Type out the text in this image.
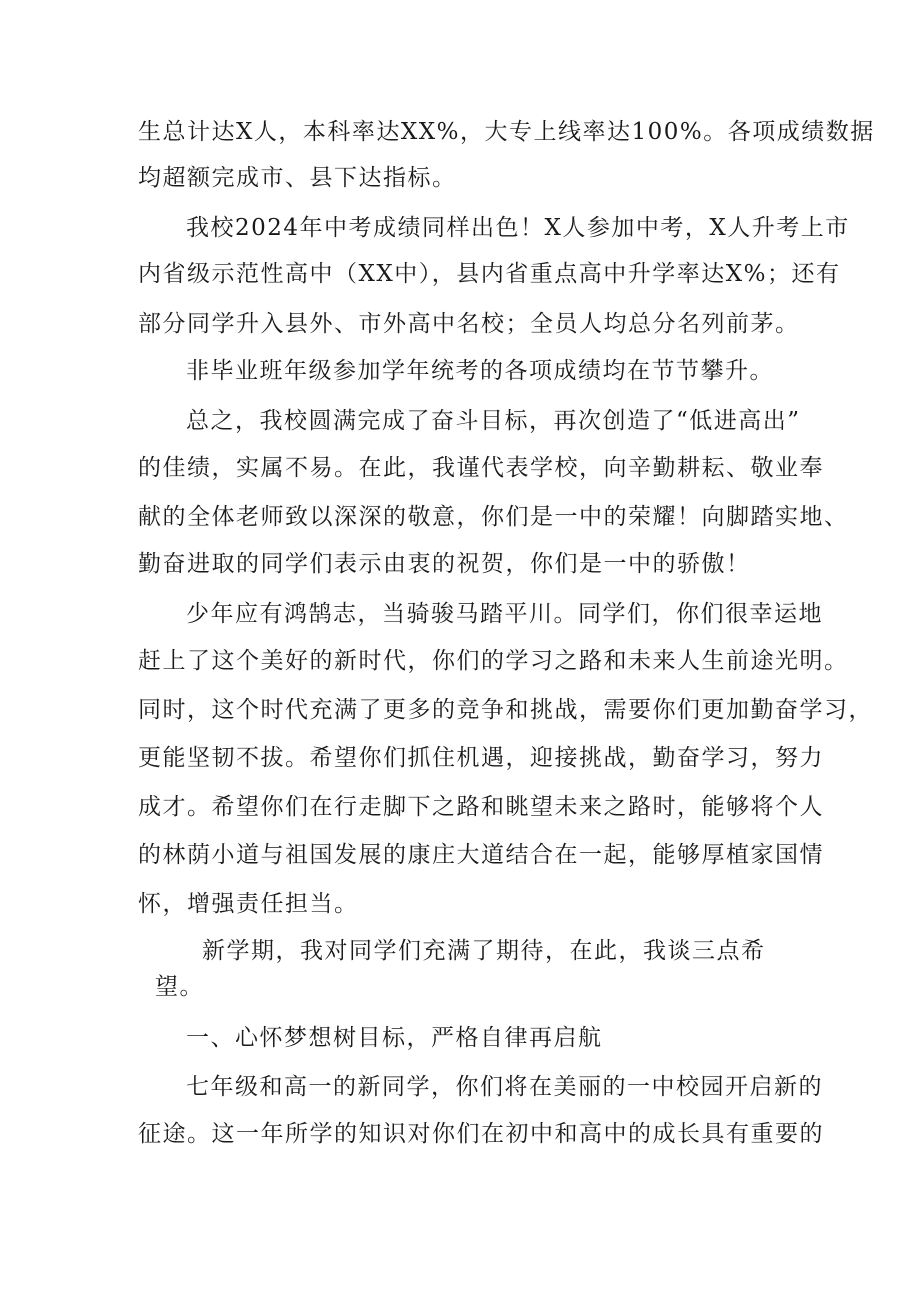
生总计达X人，本科率达XX%，大专上线率达100%。各项成绩数据
均超额完成市、县下达指标。
我校2024年中考成绩同样出色！X人参加中考，X人升考上市
内省级示范性高中（XX中），县内省重点高中升学率达X%；还有
部分同学升入县外、市外高中名校；全员人均总分名列前茅。
非毕业班年级参加学年统考的各项成绩均在节节攀升。
总之，我校圆满完成了奋斗目标，再次创造了“低进高出”
的佳绩，实属不易。在此，我谨代表学校，向辛勤耕耘、敬业奉
献的全体老师致以深深的敬意，你们是一中的荣耀！向脚踏实地、
勤奋进取的同学们表示由衷的祝贺，你们是一中的骄傲！
少年应有鸿鹄志，当骑骏马踏平川。同学们，你们很幸运地
赶上了这个美好的新时代，你们的学习之路和未来人生前途光明。
同时，这个时代充满了更多的竞争和挑战，需要你们更加勤奋学习，
更能坚韧不拔。希望你们抓住机遇，迎接挑战，勤奋学习，努力
成才。希望你们在行走脚下之路和眺望未来之路时，能够将个人
的林荫小道与祖国发展的康庄大道结合在一起，能够厚植家国情
怀，增强责任担当。
新学期，我对同学们充满了期待，在此，我谈三点希
望。
一、心怀梦想树目标，严格自律再启航
七年级和高一的新同学，你们将在美丽的一中校园开启新的
征途。这一年所学的知识对你们在初中和高中的成长具有重要的
